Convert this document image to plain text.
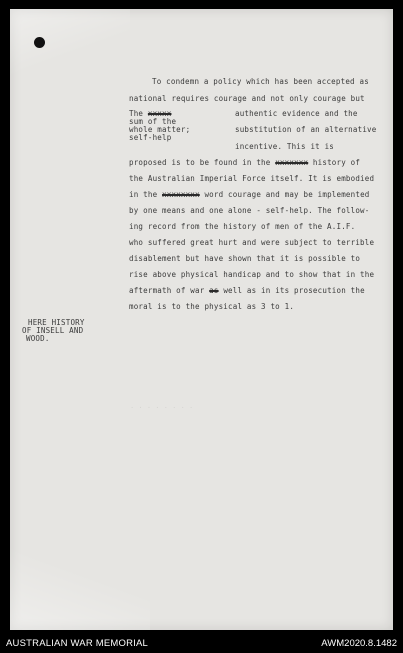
· · · · · · · ·
To condemn a policy which has been accepted as
national requires courage and not only courage but
The xxxxx
sum of the
whole matter;
self-help
authentic evidence and the
substitution of an alternative
incentive. This it is
proposed is to be found in the xxxxxxx history of
the Australian Imperial Force itself. It is embodied
in the xxxxxxxx word courage and may be implemented
by one means and one alone - self-help. The follow-
ing record from the history of men of the A.I.F.
who suffered great hurt and were subject to terrible
disablement but have shown that it is possible to
rise above physical handicap and to show that in the
aftermath of war as well as in its prosecution the
moral is to the physical as 3 to 1.
HERE HISTORY
OF INSELL AND
WOOD.
AUSTRALIAN WAR MEMORIAL	AWM2020.8.1482
